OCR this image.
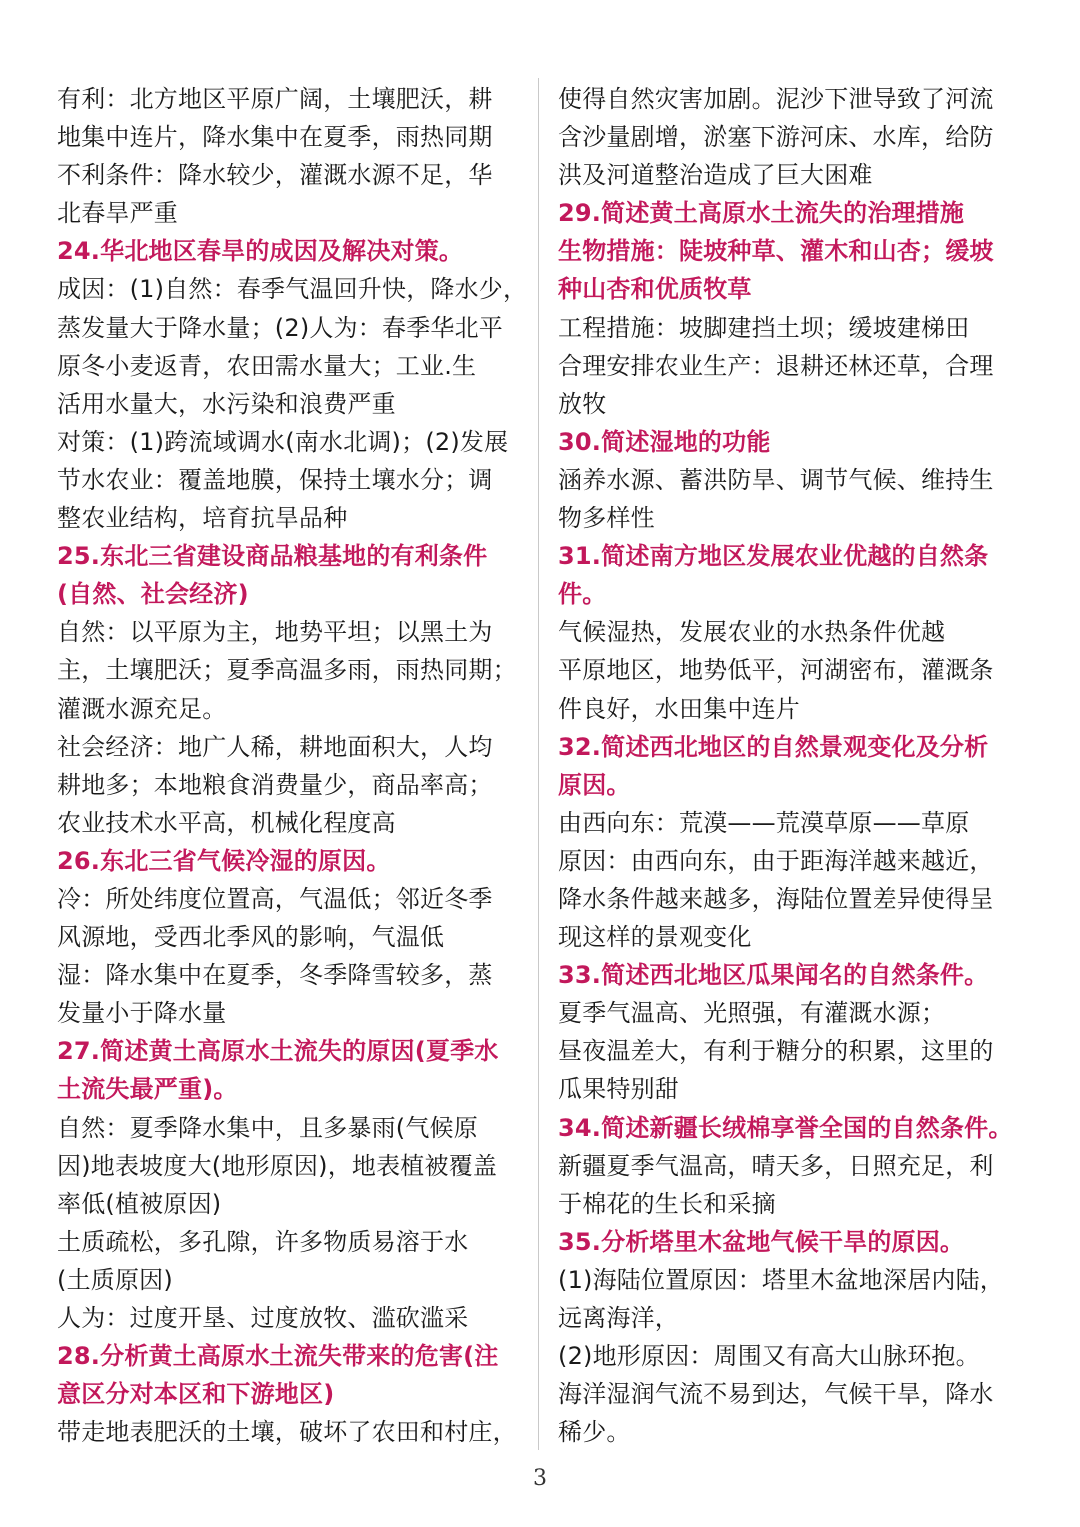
有利：北方地区平原广阔，土壤肥沃，耕
地集中连片，降水集中在夏季，雨热同期
不利条件：降水较少，灌溉水源不足，华
北春旱严重
24.华北地区春旱的成因及解决对策。
成因：(1)自然：春季气温回升快，降水少，
蒸发量大于降水量；(2)人为：春季华北平
原冬小麦返青，农田需水量大；工业.生
活用水量大，水污染和浪费严重
对策：(1)跨流域调水(南水北调)；(2)发展
节水农业：覆盖地膜，保持土壤水分；调
整农业结构，培育抗旱品种
25.东北三省建设商品粮基地的有利条件
(自然、社会经济)
自然：以平原为主，地势平坦；以黑土为
主，土壤肥沃；夏季高温多雨，雨热同期；
灌溉水源充足。
社会经济：地广人稀，耕地面积大，人均
耕地多；本地粮食消费量少，商品率高；
农业技术水平高，机械化程度高
26.东北三省气候冷湿的原因。
冷：所处纬度位置高，气温低；邻近冬季
风源地，受西北季风的影响，气温低
湿：降水集中在夏季，冬季降雪较多，蒸
发量小于降水量
27.简述黄土高原水土流失的原因(夏季水
土流失最严重)。
自然：夏季降水集中，且多暴雨(气候原
因)地表坡度大(地形原因)，地表植被覆盖
率低(植被原因)
土质疏松，多孔隙，许多物质易溶于水
(土质原因)
人为：过度开垦、过度放牧、滥砍滥采
28.分析黄土高原水土流失带来的危害(注
意区分对本区和下游地区)
带走地表肥沃的土壤，破坏了农田和村庄，
使得自然灾害加剧。泥沙下泄导致了河流
含沙量剧增，淤塞下游河床、水库，给防
洪及河道整治造成了巨大困难
29.简述黄土高原水土流失的治理措施
生物措施：陡坡种草、灌木和山杏；缓坡
种山杏和优质牧草
工程措施：坡脚建挡土坝；缓坡建梯田
合理安排农业生产：退耕还林还草，合理
放牧
30.简述湿地的功能
涵养水源、蓄洪防旱、调节气候、维持生
物多样性
31.简述南方地区发展农业优越的自然条
件。
气候湿热，发展农业的水热条件优越
平原地区，地势低平，河湖密布，灌溉条
件良好，水田集中连片
32.简述西北地区的自然景观变化及分析
原因。
由西向东：荒漠——荒漠草原——草原
原因：由西向东，由于距海洋越来越近，
降水条件越来越多，海陆位置差异使得呈
现这样的景观变化
33.简述西北地区瓜果闻名的自然条件。
夏季气温高、光照强，有灌溉水源；
昼夜温差大，有利于糖分的积累，这里的
瓜果特别甜
34.简述新疆长绒棉享誉全国的自然条件。
新疆夏季气温高，晴天多，日照充足，利
于棉花的生长和采摘
35.分析塔里木盆地气候干旱的原因。
(1)海陆位置原因：塔里木盆地深居内陆，
远离海洋，
(2)地形原因：周围又有高大山脉环抱。
海洋湿润气流不易到达，气候干旱，降水
稀少。
3
